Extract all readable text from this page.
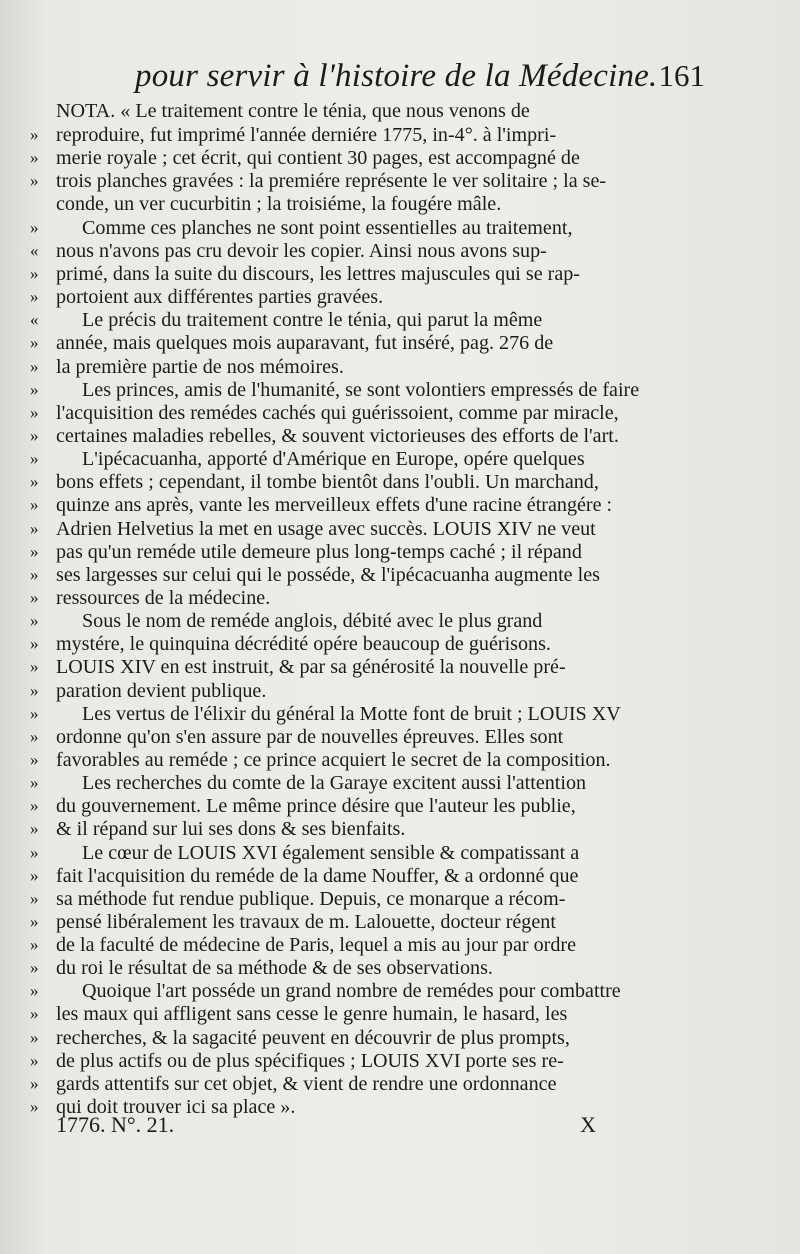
pour servir à l'histoire de la Médecine. 161
NOTA. « Le traitement contre le ténia, que nous venons de
» reproduire, fut imprimé l'année derniére 1775, in-4°. à l'impri-
» merie royale ; cet écrit, qui contient 30 pages, est accompagné de
» trois planches gravées : la premiére représente le ver solitaire ; la se-
conde, un ver cucurbitin ; la troisiéme, la fougére mâle.
» Comme ces planches ne sont point essentielles au traitement,
« nous n'avons pas cru devoir les copier. Ainsi nous avons sup-
» primé, dans la suite du discours, les lettres majuscules qui se rap-
» portoient aux différentes parties gravées.
« Le précis du traitement contre le ténia, qui parut la même
» année, mais quelques mois auparavant, fut inséré, pag. 276 de
» la première partie de nos mémoires.
» Les princes, amis de l'humanité, se sont volontiers empressés de faire
» l'acquisition des remédes cachés qui guérissoient, comme par miracle,
» certaines maladies rebelles, & souvent victorieuses des efforts de l'art.
» L'ipécacuanha, apporté d'Amérique en Europe, opére quelques
» bons effets ; cependant, il tombe bientôt dans l'oubli. Un marchand,
» quinze ans après, vante les merveilleux effets d'une racine étrangére :
» Adrien Helvetius la met en usage avec succès. LOUIS XIV ne veut
» pas qu'un reméde utile demeure plus long-temps caché ; il répand
» ses largesses sur celui qui le posséde, & l'ipécacuanha augmente les
» ressources de la médecine.
» Sous le nom de reméde anglois, débité avec le plus grand
» mystére, le quinquina décrédité opére beaucoup de guérisons.
» LOUIS XIV en est instruit, & par sa générosité la nouvelle pré-
» paration devient publique.
» Les vertus de l'élixir du général la Motte font de bruit ; LOUIS XV
» ordonne qu'on s'en assure par de nouvelles épreuves. Elles sont
» favorables au reméde ; ce prince acquiert le secret de la composition.
» Les recherches du comte de la Garaye excitent aussi l'attention
» du gouvernement. Le même prince désire que l'auteur les publie,
» & il répand sur lui ses dons & ses bienfaits.
» Le cœur de LOUIS XVI également sensible & compatissant a
» fait l'acquisition du reméde de la dame Nouffer, & a ordonné que
» sa méthode fut rendue publique. Depuis, ce monarque a récom-
» pensé libéralement les travaux de m. Lalouette, docteur régent
» de la faculté de médecine de Paris, lequel a mis au jour par ordre
» du roi le résultat de sa méthode & de ses observations.
» Quoique l'art posséde un grand nombre de remédes pour combattre
» les maux qui affligent sans cesse le genre humain, le hasard, les
» recherches, & la sagacité peuvent en découvrir de plus prompts,
» de plus actifs ou de plus spécifiques ; LOUIS XVI porte ses re-
» gards attentifs sur cet objet, & vient de rendre une ordonnance
» qui doit trouver ici sa place ».
1776. N°. 21.	X
